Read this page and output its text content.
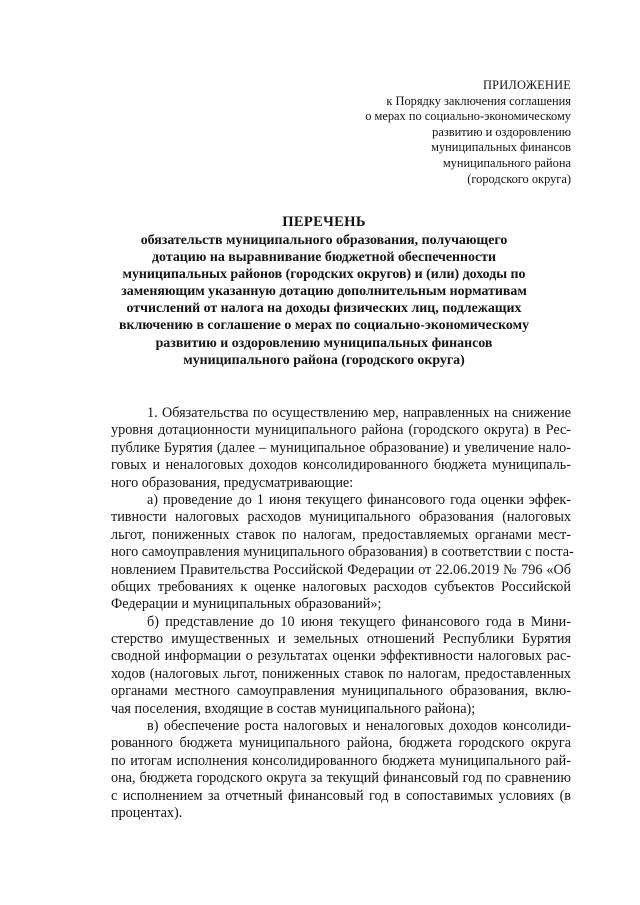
ПРИЛОЖЕНИЕ
к Порядку заключения соглашения
о мерах по социально-экономическому
развитию и оздоровлению
муниципальных финансов
муниципального района
(городского округа)
ПЕРЕЧЕНЬ
обязательств муниципального образования, получающего
дотацию на выравнивание бюджетной обеспеченности
муниципальных районов (городских округов) и (или) доходы по
заменяющим указанную дотацию дополнительным нормативам
отчислений от налога на доходы физических лиц, подлежащих
включению в соглашение о мерах по социально-экономическому
развитию и оздоровлению муниципальных финансов
муниципального района (городского округа)
1. Обязательства по осуществлению мер, направленных на снижение
уровня дотационности муниципального района (городского округа) в Рес-
публике Бурятия (далее – муниципальное образование) и увеличение нало-
говых и неналоговых доходов консолидированного бюджета муниципаль-
ного образования, предусматривающие:
а) проведение до 1 июня текущего финансового года оценки эффек-
тивности налоговых расходов муниципального образования (налоговых
льгот, пониженных ставок по налогам, предоставляемых органами мест-
ного самоуправления муниципального образования) в соответствии с поста-
новлением Правительства Российской Федерации от 22.06.2019 № 796 «Об
общих требованиях к оценке налоговых расходов субъектов Российской
Федерации и муниципальных образований»;
б) представление до 10 июня текущего финансового года в Мини-
стерство имущественных и земельных отношений Республики Бурятия
сводной информации о результатах оценки эффективности налоговых рас-
ходов (налоговых льгот, пониженных ставок по налогам, предоставленных
органами местного самоуправления муниципального образования, вклю-
чая поселения, входящие в состав муниципального района);
в) обеспечение роста налоговых и неналоговых доходов консолиди-
рованного бюджета муниципального района, бюджета городского округа
по итогам исполнения консолидированного бюджета муниципального рай-
она, бюджета городского округа за текущий финансовый год по сравнению
с исполнением за отчетный финансовый год в сопоставимых условиях (в
процентах).
